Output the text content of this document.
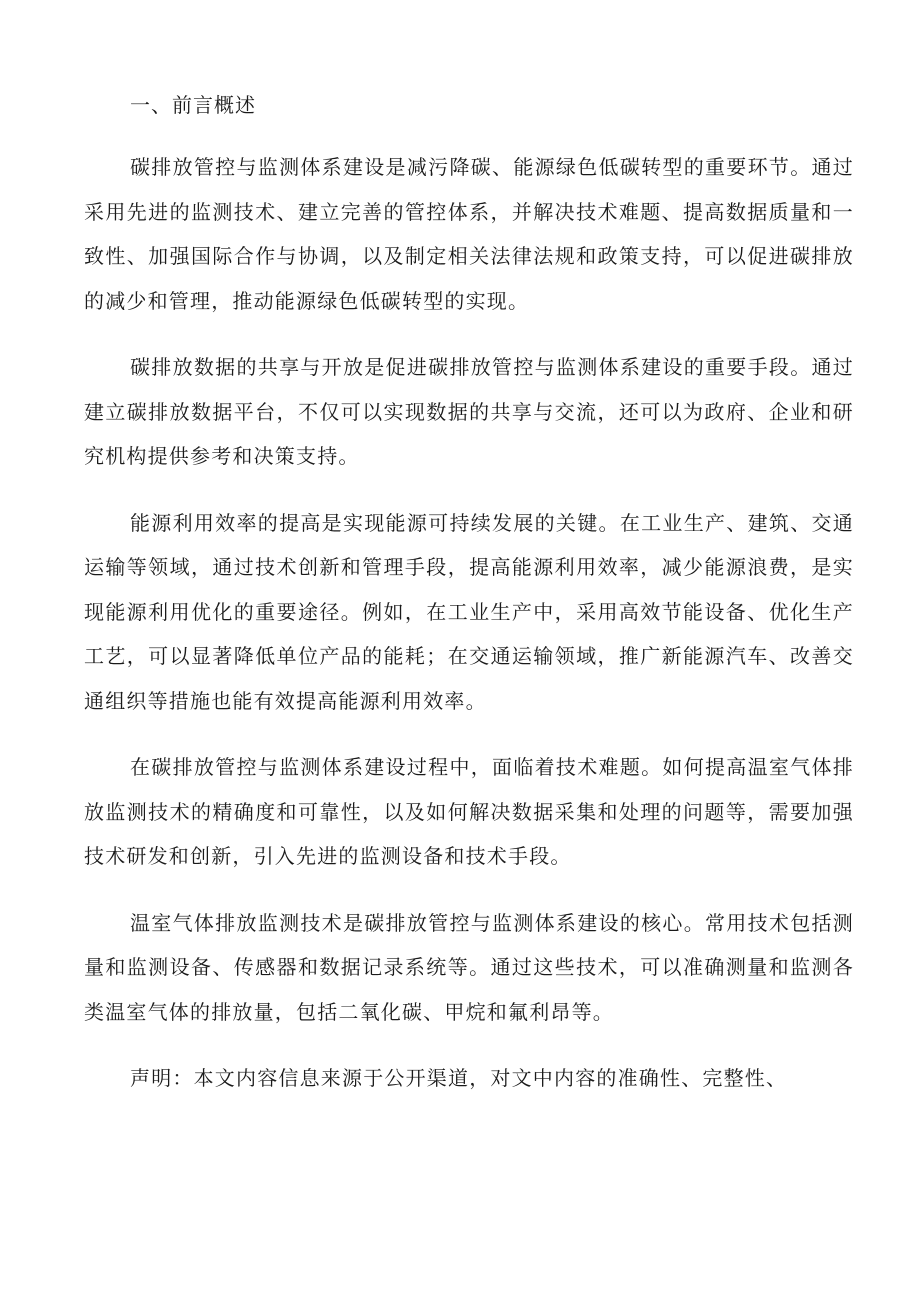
一、前言概述

碳排放管控与监测体系建设是减污降碳、能源绿色低碳转型的重要环节。通过采用先进的监测技术、建立完善的管控体系，并解决技术难题、提高数据质量和一致性、加强国际合作与协调，以及制定相关法律法规和政策支持，可以促进碳排放的减少和管理，推动能源绿色低碳转型的实现。

碳排放数据的共享与开放是促进碳排放管控与监测体系建设的重要手段。通过建立碳排放数据平台，不仅可以实现数据的共享与交流，还可以为政府、企业和研究机构提供参考和决策支持。

能源利用效率的提高是实现能源可持续发展的关键。在工业生产、建筑、交通运输等领域，通过技术创新和管理手段，提高能源利用效率，减少能源浪费，是实现能源利用优化的重要途径。例如，在工业生产中，采用高效节能设备、优化生产工艺，可以显著降低单位产品的能耗；在交通运输领域，推广新能源汽车、改善交通组织等措施也能有效提高能源利用效率。

在碳排放管控与监测体系建设过程中，面临着技术难题。如何提高温室气体排放监测技术的精确度和可靠性，以及如何解决数据采集和处理的问题等，需要加强技术研发和创新，引入先进的监测设备和技术手段。

温室气体排放监测技术是碳排放管控与监测体系建设的核心。常用技术包括测量和监测设备、传感器和数据记录系统等。通过这些技术，可以准确测量和监测各类温室气体的排放量，包括二氧化碳、甲烷和氟利昂等。

声明：本文内容信息来源于公开渠道，对文中内容的准确性、完整性、
